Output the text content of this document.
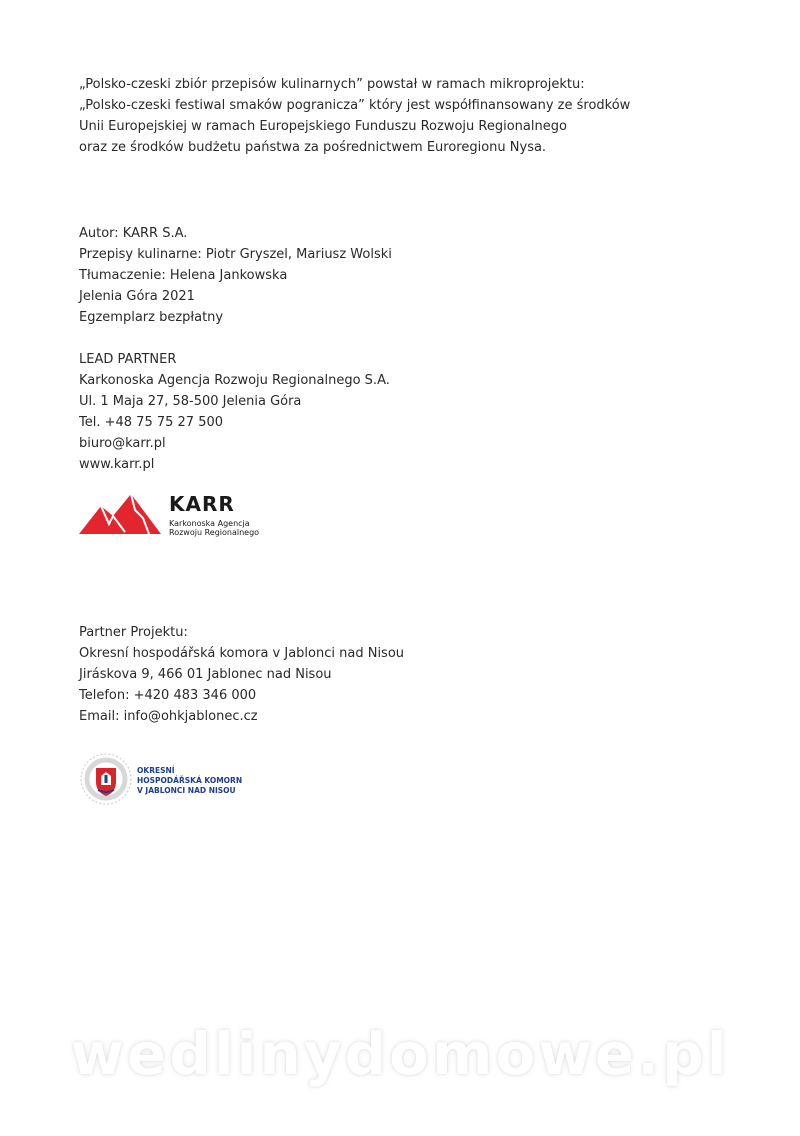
„Polsko-czeski zbiór przepisów kulinarnych” powstał w ramach mikroprojektu:
„Polsko-czeski festiwal smaków pogranicza” który jest współfinansowany ze środków
Unii Europejskiej w ramach Europejskiego Funduszu Rozwoju Regionalnego
oraz ze środków budżetu państwa za pośrednictwem Euroregionu Nysa.
Autor: KARR S.A.
Przepisy kulinarne: Piotr Gryszel, Mariusz Wolski
Tłumaczenie: Helena Jankowska
Jelenia Góra 2021
Egzemplarz bezpłatny
LEAD PARTNER
Karkonoska Agencja Rozwoju Regionalnego S.A.
Ul. 1 Maja 27, 58-500 Jelenia Góra
Tel. +48 75 75 27 500
biuro@karr.pl
www.karr.pl
KARR
Karkonoska Agencja
Rozwoju Regionalnego
Partner Projektu:
Okresní hospodářská komora v Jablonci nad Nisou
Jiráskova 9, 466 01 Jablonec nad Nisou
Telefon: +420 483 346 000
Email: info@ohkjablonec.cz
OKRESNÍ
HOSPODÁŘSKÁ KOMORN
V JABLONCI NAD NISOU
wedlinydomowe.pl
